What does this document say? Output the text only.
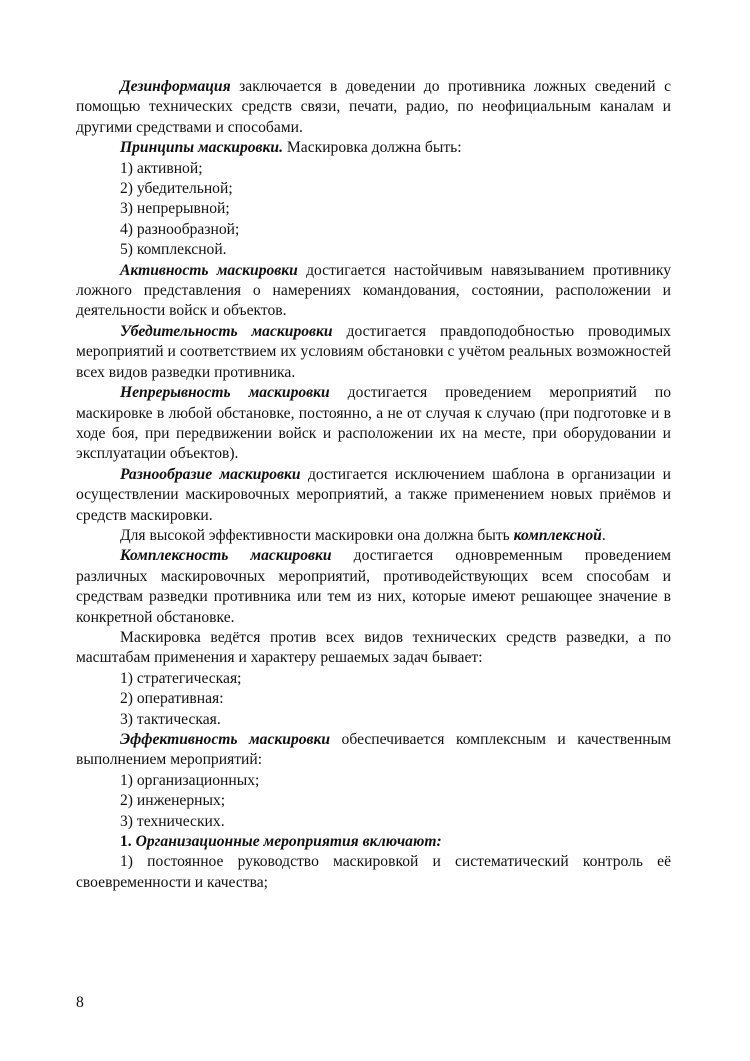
Дезинформация заключается в доведении до противника ложных сведений с помощью технических средств связи, печати, радио, по неофициальным каналам и другими средствами и способами.

Принципы маскировки. Маскировка должна быть:

1) активной;

2) убедительной;

3) непрерывной;

4) разнообразной;

5) комплексной.

Активность маскировки достигается настойчивым навязыванием противнику ложного представления о намерениях командования, состоянии, расположении и деятельности войск и объектов.

Убедительность маскировки достигается правдоподобностью проводимых мероприятий и соответствием их условиям обстановки с учётом реальных возможностей всех видов разведки противника.

Непрерывность маскировки достигается проведением мероприятий по маскировке в любой обстановке, постоянно, а не от случая к случаю (при подготовке и в ходе боя, при передвижении войск и расположении их на месте, при оборудовании и эксплуатации объектов).

Разнообразие маскировки достигается исключением шаблона в организации и осуществлении маскировочных мероприятий, а также применением новых приёмов и средств маскировки.

Для высокой эффективности маскировки она должна быть комплексной.

Комплексность маскировки достигается одновременным проведением различных маскировочных мероприятий, противодействующих всем способам и средствам разведки противника или тем из них, которые имеют решающее значение в конкретной обстановке.

Маскировка ведётся против всех видов технических средств разведки, а по масштабам применения и характеру решаемых задач бывает:

1) стратегическая;

2) оперативная:

3) тактическая.

Эффективность маскировки обеспечивается комплексным и качественным выполнением мероприятий:

1) организационных;

2) инженерных;

3) технических.

1. Организационные мероприятия включают:

1) постоянное руководство маскировкой и систематический контроль её своевременности и качества;

8
